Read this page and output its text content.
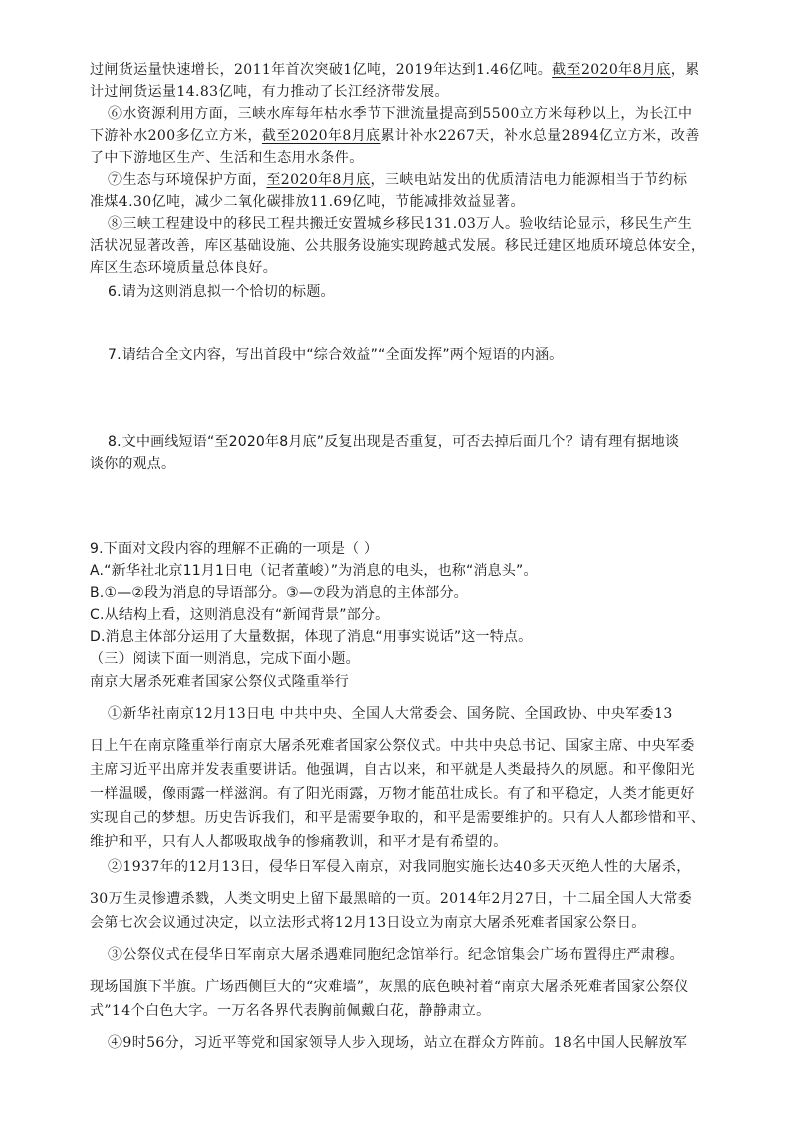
过闸货运量快速增长，2011年首次突破1亿吨，2019年达到1.46亿吨。截至2020年8月底，累
计过闸货运量14.83亿吨，有力推动了长江经济带发展。
⑥水资源利用方面，三峡水库每年枯水季节下泄流量提高到5500立方米每秒以上，为长江中
下游补水200多亿立方米，截至2020年8月底累计补水2267天，补水总量2894亿立方米，改善
了中下游地区生产、生活和生态用水条件。
⑦生态与环境保护方面，至2020年8月底，三峡电站发出的优质清洁电力能源相当于节约标
准煤4.30亿吨，减少二氧化碳排放11.69亿吨，节能减排效益显著。
⑧三峡工程建设中的移民工程共搬迁安置城乡移民131.03万人。验收结论显示，移民生产生
活状况显著改善，库区基础设施、公共服务设施实现跨越式发展。移民迁建区地质环境总体安全，
库区生态环境质量总体良好。
6.请为这则消息拟一个恰切的标题。
7.请结合全文内容，写出首段中“综合效益”“全面发挥”两个短语的内涵。
8.文中画线短语“至2020年8月底”反复出现是否重复，可否去掉后面几个？请有理有据地谈
谈你的观点。
9.下面对文段内容的理解不正确的一项是（ ）
A.“新华社北京11月1日电（记者董峻）”为消息的电头，也称“消息头”。
B.①—②段为消息的导语部分。③—⑦段为消息的主体部分。
C.从结构上看，这则消息没有“新闻背景”部分。
D.消息主体部分运用了大量数据，体现了消息“用事实说话”这一特点。
（三）阅读下面一则消息，完成下面小题。
南京大屠杀死难者国家公祭仪式隆重举行
①新华社南京12月13日电 中共中央、全国人大常委会、国务院、全国政协、中央军委13
日上午在南京隆重举行南京大屠杀死难者国家公祭仪式。中共中央总书记、国家主席、中央军委
主席习近平出席并发表重要讲话。他强调，自古以来，和平就是人类最持久的夙愿。和平像阳光
一样温暖，像雨露一样滋润。有了阳光雨露，万物才能茁壮成长。有了和平稳定，人类才能更好
实现自己的梦想。历史告诉我们，和平是需要争取的，和平是需要维护的。只有人人都珍惜和平、
维护和平，只有人人都吸取战争的惨痛教训，和平才是有希望的。
②1937年的12月13日，侵华日军侵入南京，对我同胞实施长达40多天灭绝人性的大屠杀，
30万生灵惨遭杀戮，人类文明史上留下最黑暗的一页。2014年2月27日，十二届全国人大常委
会第七次会议通过决定，以立法形式将12月13日设立为南京大屠杀死难者国家公祭日。
③公祭仪式在侵华日军南京大屠杀遇难同胞纪念馆举行。纪念馆集会广场布置得庄严肃穆。
现场国旗下半旗。广场西侧巨大的“灾难墙”，灰黑的底色映衬着“南京大屠杀死难者国家公祭仪
式”14个白色大字。一万名各界代表胸前佩戴白花，静静肃立。
④9时56分，习近平等党和国家领导人步入现场，站立在群众方阵前。18名中国人民解放军
